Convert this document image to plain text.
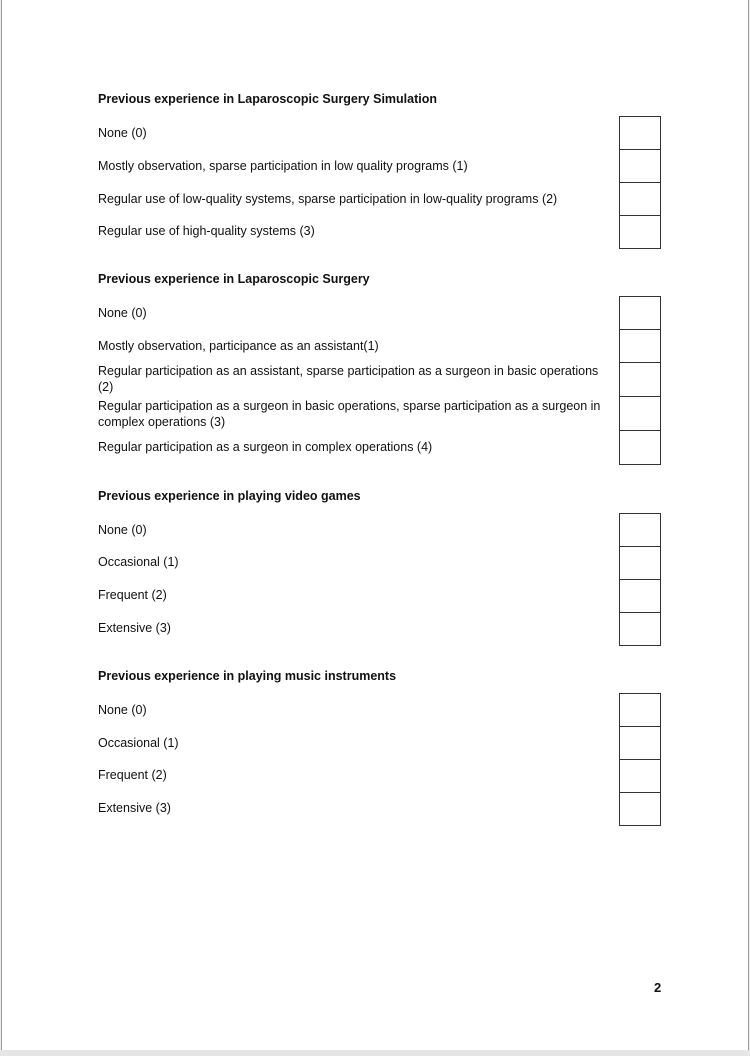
Previous experience in Laparoscopic Surgery Simulation
None (0)
Mostly observation, sparse participation in low quality programs (1)
Regular use of low-quality systems, sparse participation in low-quality programs (2)
Regular use of high-quality systems (3)
Previous experience in Laparoscopic Surgery
None (0)
Mostly observation, participance as an assistant(1)
Regular participation as an assistant, sparse participation as a surgeon in basic operations (2)
Regular participation as a surgeon in basic operations, sparse participation as a surgeon in complex operations (3)
Regular participation as a surgeon in complex operations (4)
Previous experience in playing video games
None (0)
Occasional (1)
Frequent (2)
Extensive (3)
Previous experience in playing music instruments
None (0)
Occasional (1)
Frequent (2)
Extensive (3)
2
